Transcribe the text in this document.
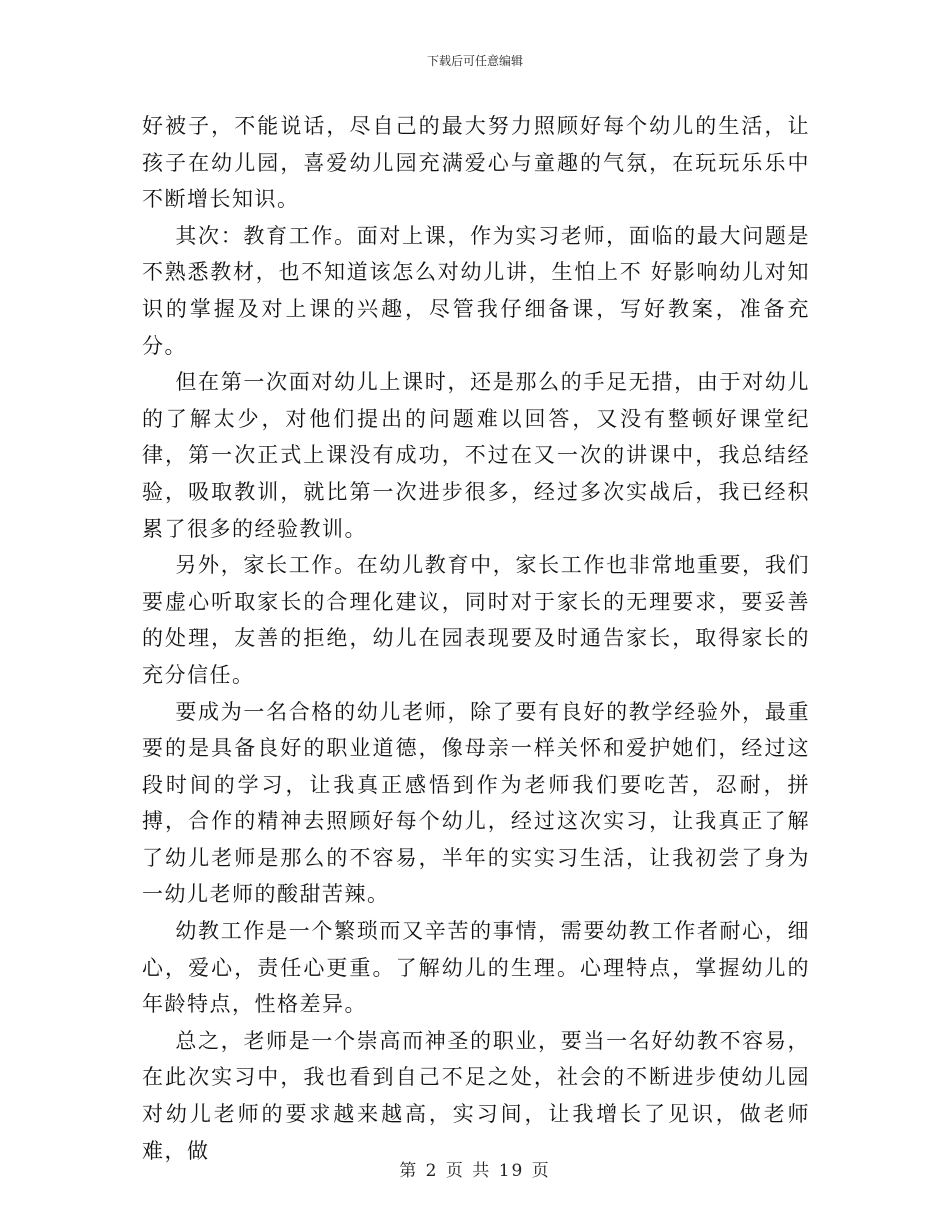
下载后可任意编辑

好被子，不能说话，尽自己的最大努力照顾好每个幼儿的生活，让孩子在幼儿园，喜爱幼儿园充满爱心与童趣的气氛，在玩玩乐乐中不断增长知识。

其次：教育工作。面对上课，作为实习老师，面临的最大问题是不熟悉教材，也不知道该怎么对幼儿讲，生怕上不 好影响幼儿对知识的掌握及对上课的兴趣，尽管我仔细备课，写好教案，准备充分。

但在第一次面对幼儿上课时，还是那么的手足无措，由于对幼儿的了解太少，对他们提出的问题难以回答，又没有整顿好课堂纪律，第一次正式上课没有成功，不过在又一次的讲课中，我总结经验，吸取教训，就比第一次进步很多，经过多次实战后，我已经积累了很多的经验教训。

另外，家长工作。在幼儿教育中，家长工作也非常地重要，我们要虚心听取家长的合理化建议，同时对于家长的无理要求，要妥善的处理，友善的拒绝，幼儿在园表现要及时通告家长，取得家长的充分信任。

要成为一名合格的幼儿老师，除了要有良好的教学经验外，最重要的是具备良好的职业道德，像母亲一样关怀和爱护她们，经过这段时间的学习，让我真正感悟到作为老师我们要吃苦，忍耐，拼搏，合作的精神去照顾好每个幼儿，经过这次实习，让我真正了解了幼儿老师是那么的不容易，半年的实实习生活，让我初尝了身为一幼儿老师的酸甜苦辣。

幼教工作是一个繁琐而又辛苦的事情，需要幼教工作者耐心，细心，爱心，责任心更重。了解幼儿的生理。心理特点，掌握幼儿的年龄特点，性格差异。

总之，老师是一个崇高而神圣的职业，要当一名好幼教不容易，在此次实习中，我也看到自己不足之处，社会的不断进步使幼儿园对幼儿老师的要求越来越高，实习间，让我增长了见识，做老师难，做

第 2 页 共 19 页
